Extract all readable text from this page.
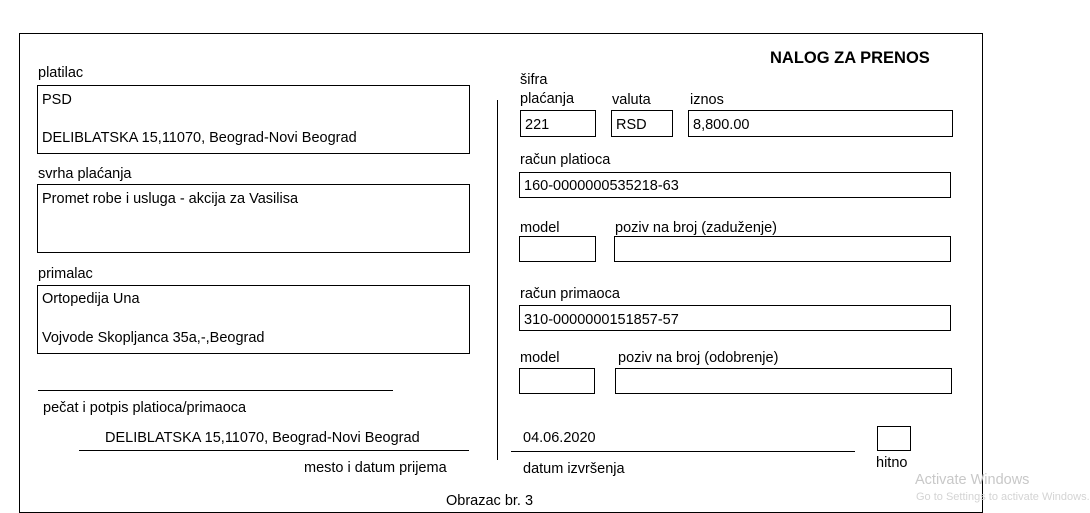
NALOG ZA PRENOS
platilac
PSD
DELIBLATSKA 15,11070, Beograd-Novi Beograd
svrha plaćanja
Promet robe i usluga - akcija za Vasilisa
primalac
Ortopedija Una
Vojvode Skopljanca 35a,-,Beograd
pečat i potpis platioca/primaoca
DELIBLATSKA 15,11070, Beograd-Novi Beograd
mesto i datum prijema
šifra
plaćanja	valuta	iznos
221	RSD	8,800.00
račun platioca
160-0000000535218-63
model	poziv na broj (zaduženje)
račun primaoca
310-0000000151857-57
model	poziv na broj (odobrenje)
04.06.2020
datum izvršenja	hitno
Obrazac br. 3
Activate Windows
Go to Settings to activate Windows.
